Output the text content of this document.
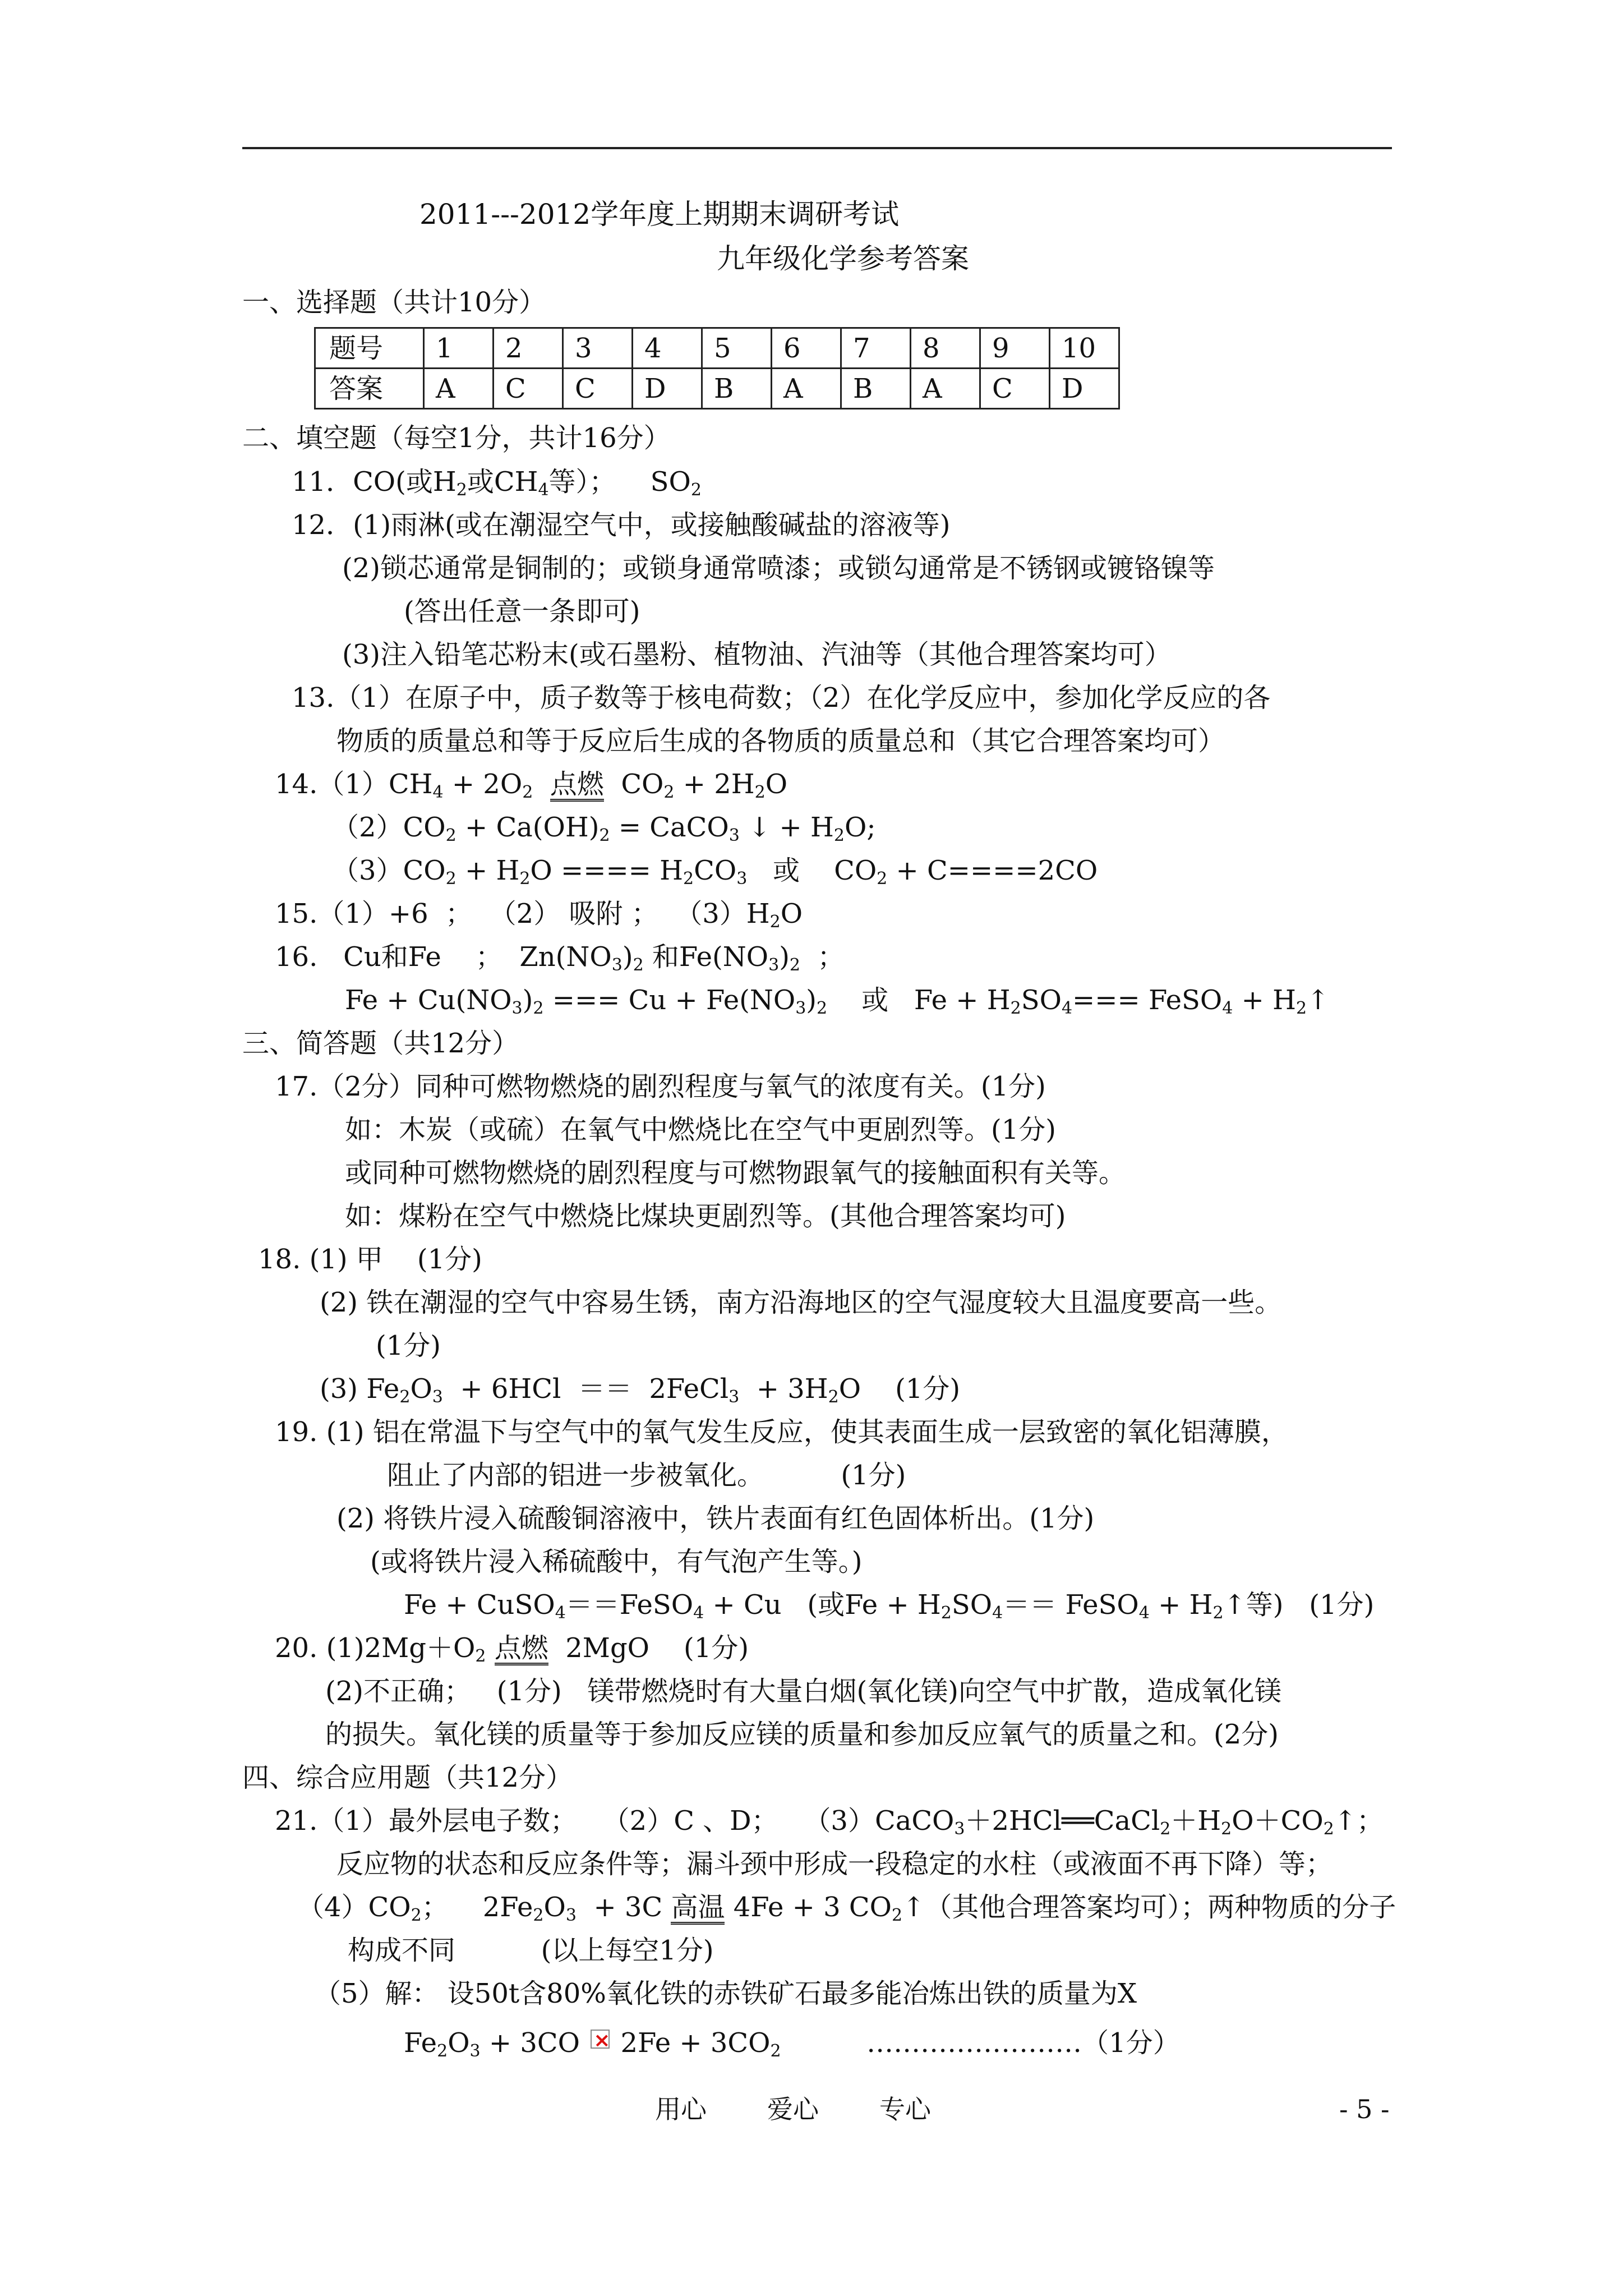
2011---2012学年度上期期末调研考试
九年级化学参考答案
一、选择题（共计10分）
题号	1	2	3	4	5	6	7	8	9	10
答案	A	C	C	D	B	A	B	A	C	D
二、填空题（每空1分，共计16分）
11．CO(或$H_2$或$CH_4$等）；    $SO_2$
12．(1)雨淋(或在潮湿空气中，或接触酸碱盐的溶液等)
(2)锁芯通常是铜制的；或锁身通常喷漆；或锁勾通常是不锈钢或镀铬镍等
(答出任意一条即可)
(3)注入铅笔芯粉末(或石墨粉、植物油、汽油等（其他合理答案均可）
13.（1）在原子中，质子数等于核电荷数；（2）在化学反应中，参加化学反应的各
物质的质量总和等于反应后生成的各物质的质量总和（其它合理答案均可）
$14.(1)CH_4 + 2O_2$ 点燃  $CO_2 + 2H_2O$
$(2)CO_2 + Ca(OH)_2$ = CaCO$_3$ ↓ + $H_2O$;
$(3)CO_2 + H_2O$ ==== $H_2CO_3$   或    $CO_2 + C====2CO$
15.（1）+6  ；  （2） 吸附 ；  $(3)H_2O$
16.   Cu和Fe    ；  $Zn(NO_3)_2$ 和$Fe(NO_3)_2$  ；
$Fe + Cu(NO_3)_2$ === $Cu + Fe(NO_3)_2$    或   $Fe + H_2SO_4===$ FeSO$_4$ + $H_2↑$
三、简答题（共12分）
17.（2分）同种可燃物燃烧的剧烈程度与氧气的浓度有关。(1分)
如：木炭（或硫）在氧气中燃烧比在空气中更剧烈等。(1分)
或同种可燃物燃烧的剧烈程度与可燃物跟氧气的接触面积有关等。
如：煤粉在空气中燃烧比煤块更剧烈等。(其他合理答案均可)
18. (1) 甲    (1分)
(2) 铁在潮湿的空气中容易生锈，南方沿海地区的空气湿度较大且温度要高一些。
(1分)
(3) $Fe_2O_3 + 6HCl$  ＝＝  2FeCl$_3$  + $3H_2O$    (1分)
19. (1) 铝在常温下与空气中的氧气发生反应，使其表面生成一层致密的氧化铝薄膜，
阻止了内部的铝进一步被氧化。         (1分)
(2) 将铁片浸入硫酸铜溶液中，铁片表面有红色固体析出。(1分)
(或将铁片浸入稀硫酸中，有气泡产生等。)
Fe + CuSO$_4$＝＝FeSO$_4$ + Cu   (或$Fe + H_2SO_4==$ FeSO$_4$ + $H_2↑$等)   (1分)
20. $(1)2Mg+O_2$ 点燃  2MgO    (1分)
(2)不正确；   (1分)   镁带燃烧时有大量白烟(氧化镁)向空气中扩散，造成氧化镁
的损失。氧化镁的质量等于参加反应镁的质量和参加反应氧气的质量之和。(2分)
四、综合应用题（共12分）
21.（1）最外层电子数；   （2）C 、D；   $(3)CaCO_3+2HCl══CaCl_2+H_2O+CO_2↑$；
反应物的状态和反应条件等；漏斗颈中形成一段稳定的水柱（或液面不再下降）等；
$(4)CO_2$；    $2Fe_2O_3 + 3C$ 高温 4Fe + 3 $CO_2↑$（其他合理答案均可）；两种物质的分子
构成不同          (以上每空1分)
（5）解： 设50t含80%氧化铁的赤铁矿石最多能冶炼出铁的质量为X
$Fe_2O_3 + 3CO \times 2Fe + 3CO_2$          ……………………（1分）
用心 爱心 专心	- 5 -
